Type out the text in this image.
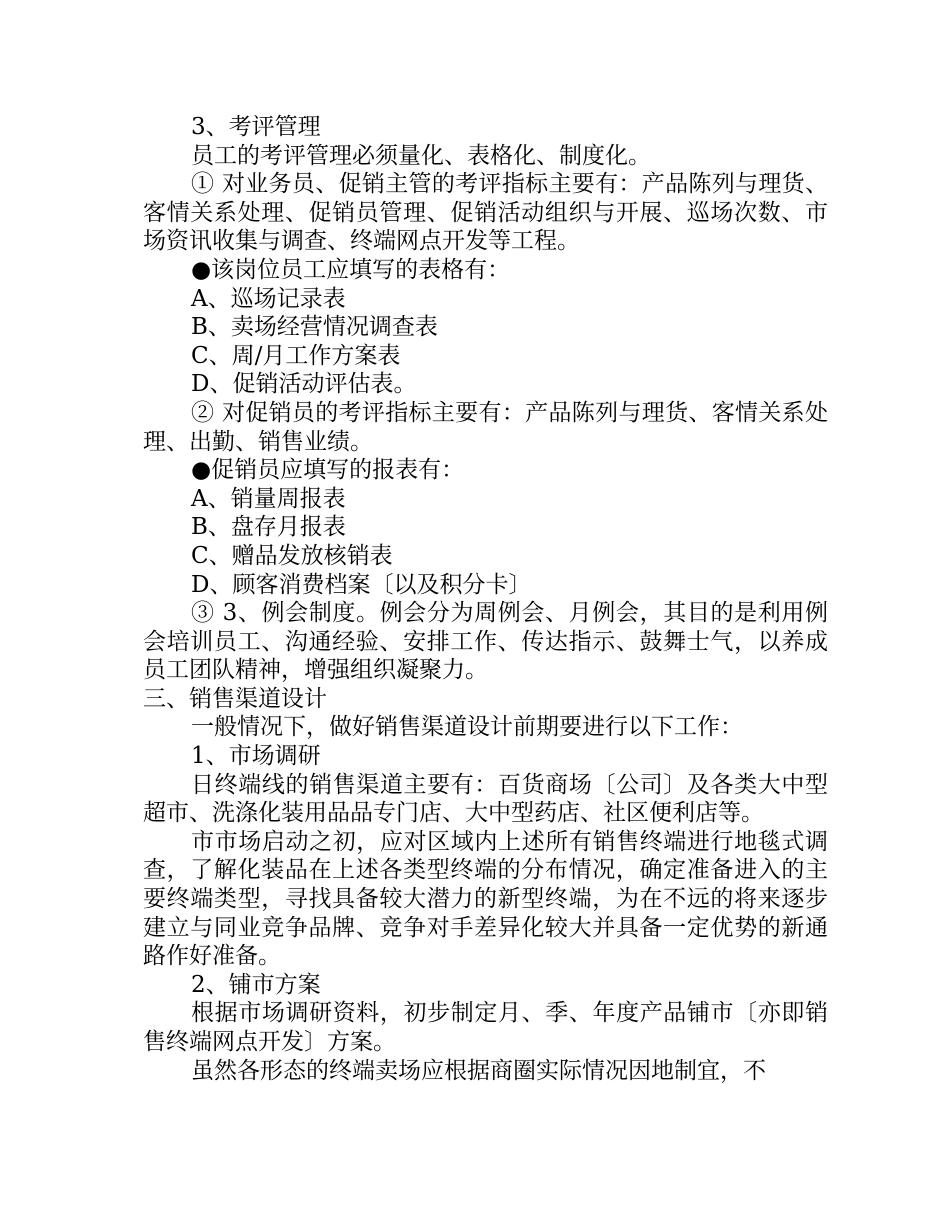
3、考评管理

员工的考评管理必须量化、表格化、制度化。

① 对业务员、促销主管的考评指标主要有：产品陈列与理货、客情关系处理、促销员管理、促销活动组织与开展、巡场次数、市场资讯收集与调查、终端网点开发等工程。

●该岗位员工应填写的表格有：

A、巡场记录表

B、卖场经营情况调查表

C、周/月工作方案表

D、促销活动评估表。

② 对促销员的考评指标主要有：产品陈列与理货、客情关系处理、出勤、销售业绩。

●促销员应填写的报表有：

A、销量周报表

B、盘存月报表

C、赠品发放核销表

D、顾客消费档案〔以及积分卡〕

③ 3、例会制度。例会分为周例会、月例会，其目的是利用例会培训员工、沟通经验、安排工作、传达指示、鼓舞士气，以养成员工团队精神，增强组织凝聚力。

三、销售渠道设计

一般情况下，做好销售渠道设计前期要进行以下工作：

1、市场调研

日终端线的销售渠道主要有：百货商场〔公司〕及各类大中型超市、洗涤化装用品品专门店、大中型药店、社区便利店等。

市市场启动之初，应对区域内上述所有销售终端进行地毯式调查，了解化装品在上述各类型终端的分布情况，确定准备进入的主要终端类型，寻找具备较大潜力的新型终端，为在不远的将来逐步建立与同业竞争品牌、竞争对手差异化较大并具备一定优势的新通路作好准备。

2、铺市方案

根据市场调研资料，初步制定月、季、年度产品铺市〔亦即销售终端网点开发〕方案。

虽然各形态的终端卖场应根据商圈实际情况因地制宜，不
